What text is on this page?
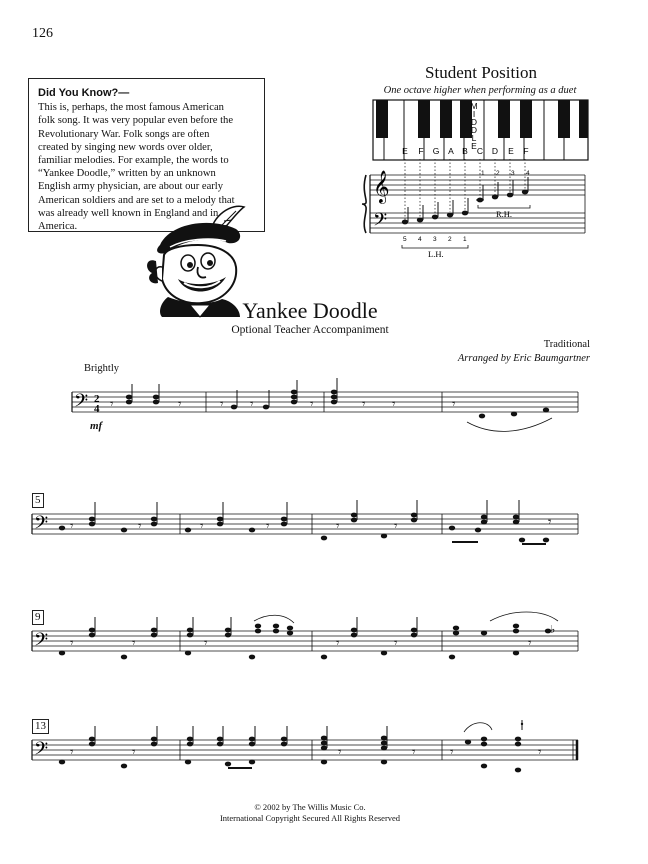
126
Did You Know?—
This is, perhaps, the most famous American
folk song. It was very popular even before the
Revolutionary War. Folk songs are often
created by singing new words over older,
familiar melodies. For example, the words to
“Yankee Doodle,” written by an unknown
English army physician, are about our early
American soldiers and are set to a melody that
was already well known in England and in
America.
Student Position
One octave higher when performing as a duet
M
I
D
D
L
E
E F G A B C D E F
𝄞
𝄢
1 2 3 4
R.H.
5 4 3 2 1
L.H.
Yankee Doodle
Optional Teacher Accompaniment
Traditional
Arranged by Eric Baumgartner
Brightly
mf
𝄢 2
4 𝄾	𝄾	𝄾 𝄾	𝄾	𝄾 𝄾	𝄾
5
𝄢 𝄾	𝄾	𝄾	𝄾	𝄾	𝄾	𝄾
9
𝄢 𝄾	𝄾	𝄾	𝄾	𝄾	𝄾
♭
13
𝄢 𝄾	𝄾	𝄾	𝄾	𝄾	𝄾
© 2002 by The Willis Music Co.
International Copyright Secured All Rights Reserved
